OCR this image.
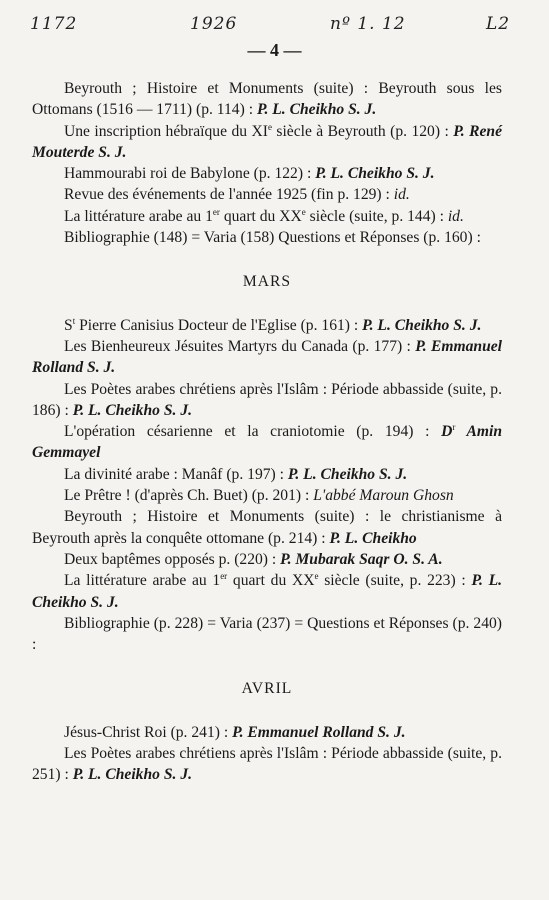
1172	1926	nº 1. 12	L2
— 4 —

Beyrouth ; Histoire et Monuments (suite) : Beyrouth sous les Ottomans (1516 — 1711) (p. 114) : P. L. Cheikho S. J.

Une inscription hébraïque du XIe siècle à Beyrouth (p. 120) : P. René Mouterde S. J.

Hammourabi roi de Babylone (p. 122) : P. L. Cheikho S. J.

Revue des événements de l'année 1925 (fin p. 129) : id.

La littérature arabe au 1er quart du XXe siècle (suite, p. 144) : id.

Bibliographie (148) = Varia (158) Questions et Réponses (p. 160) :

MARS

$S^t$ Pierre Canisius Docteur de l'Eglise (p. 161) : P. L. Cheikho S. J.

Les Bienheureux Jésuites Martyrs du Canada (p. 177) : P. Emmanuel Rolland S. J.

Les Poètes arabes chrétiens après l'Islâm : Période abbasside (suite, p. 186) : P. L. Cheikho S. J.

L'opération césarienne et la craniotomie (p. 194) : $D^r$ Amin Gemmayel

La divinité arabe : Manâf (p. 197) : P. L. Cheikho S. J.

Le Prêtre ! (d'après Ch. Buet) (p. 201) : L'abbé Maroun Ghosn

Beyrouth ; Histoire et Monuments (suite) : le christianisme à Beyrouth après la conquête ottomane (p. 214) : P. L. Cheikho

Deux baptêmes opposés p. (220) : P. Mubarak Saqr O. S. A.

La littérature arabe au 1er quart du XXe siècle (suite, p. 223) : P. L. Cheikho S. J.

Bibliographie (p. 228) = Varia (237) = Questions et Réponses (p. 240) :

AVRIL

Jésus-Christ Roi (p. 241) : P. Emmanuel Rolland S. J.

Les Poètes arabes chrétiens après l'Islâm : Période abbasside (suite, p. 251) : P. L. Cheikho S. J.
